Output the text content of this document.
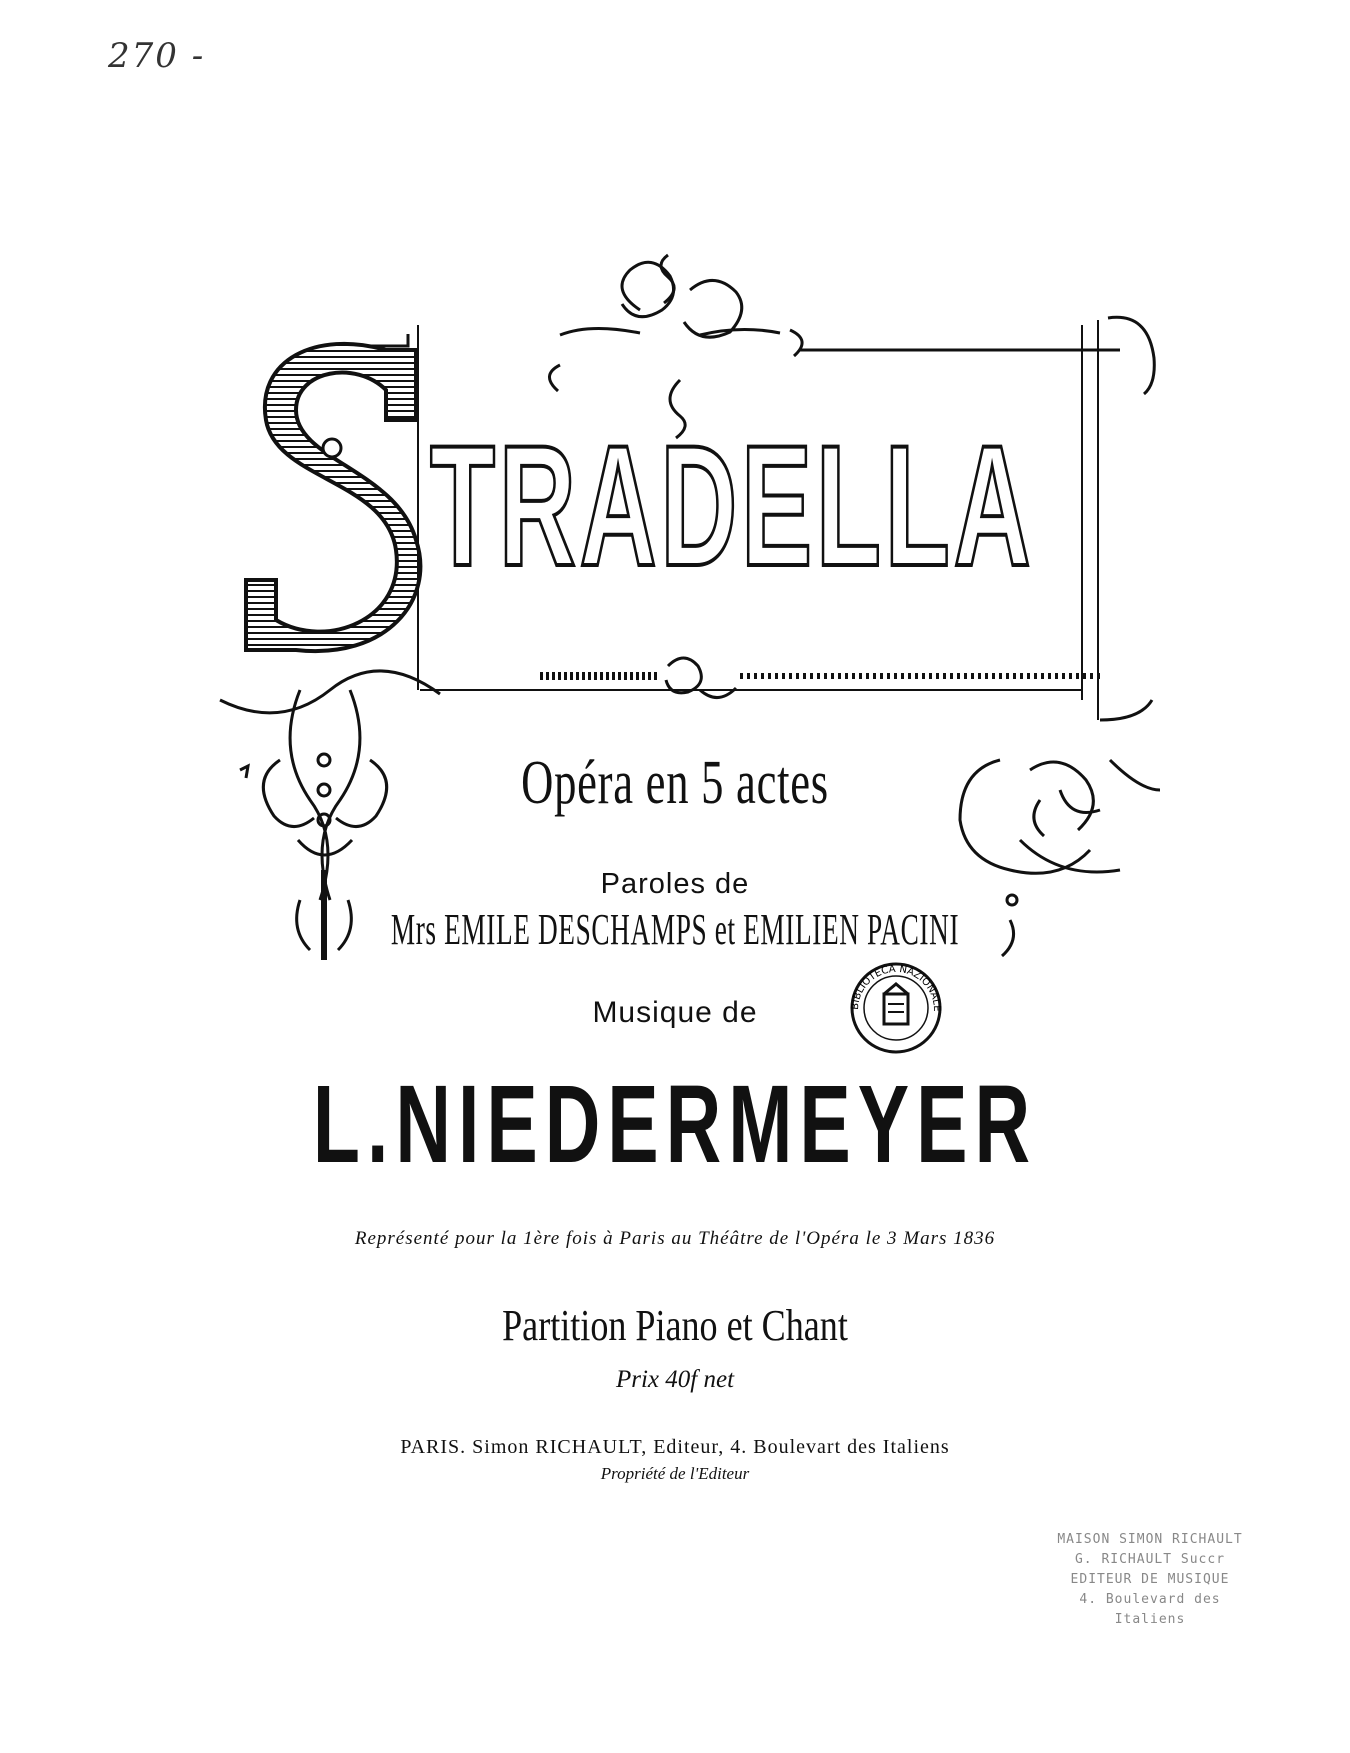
270 -
TRADELLA
Opéra en 5 actes
Paroles de
Mrs EMILE DESCHAMPS et EMILIEN PACINI
Musique de
L.NIEDERMEYER
Représenté pour la 1ère fois à Paris au Théâtre de l'Opéra le 3 Mars 1836
Partition Piano et Chant
Prix 40f net
PARIS. Simon RICHAULT, Editeur, 4. Boulevart des Italiens
Propriété de l'Editeur
BIBLIOTECA NAZIONALE
MAISON SIMON RICHAULT
G. RICHAULT Succr
EDITEUR DE MUSIQUE
4. Boulevard des Italiens
